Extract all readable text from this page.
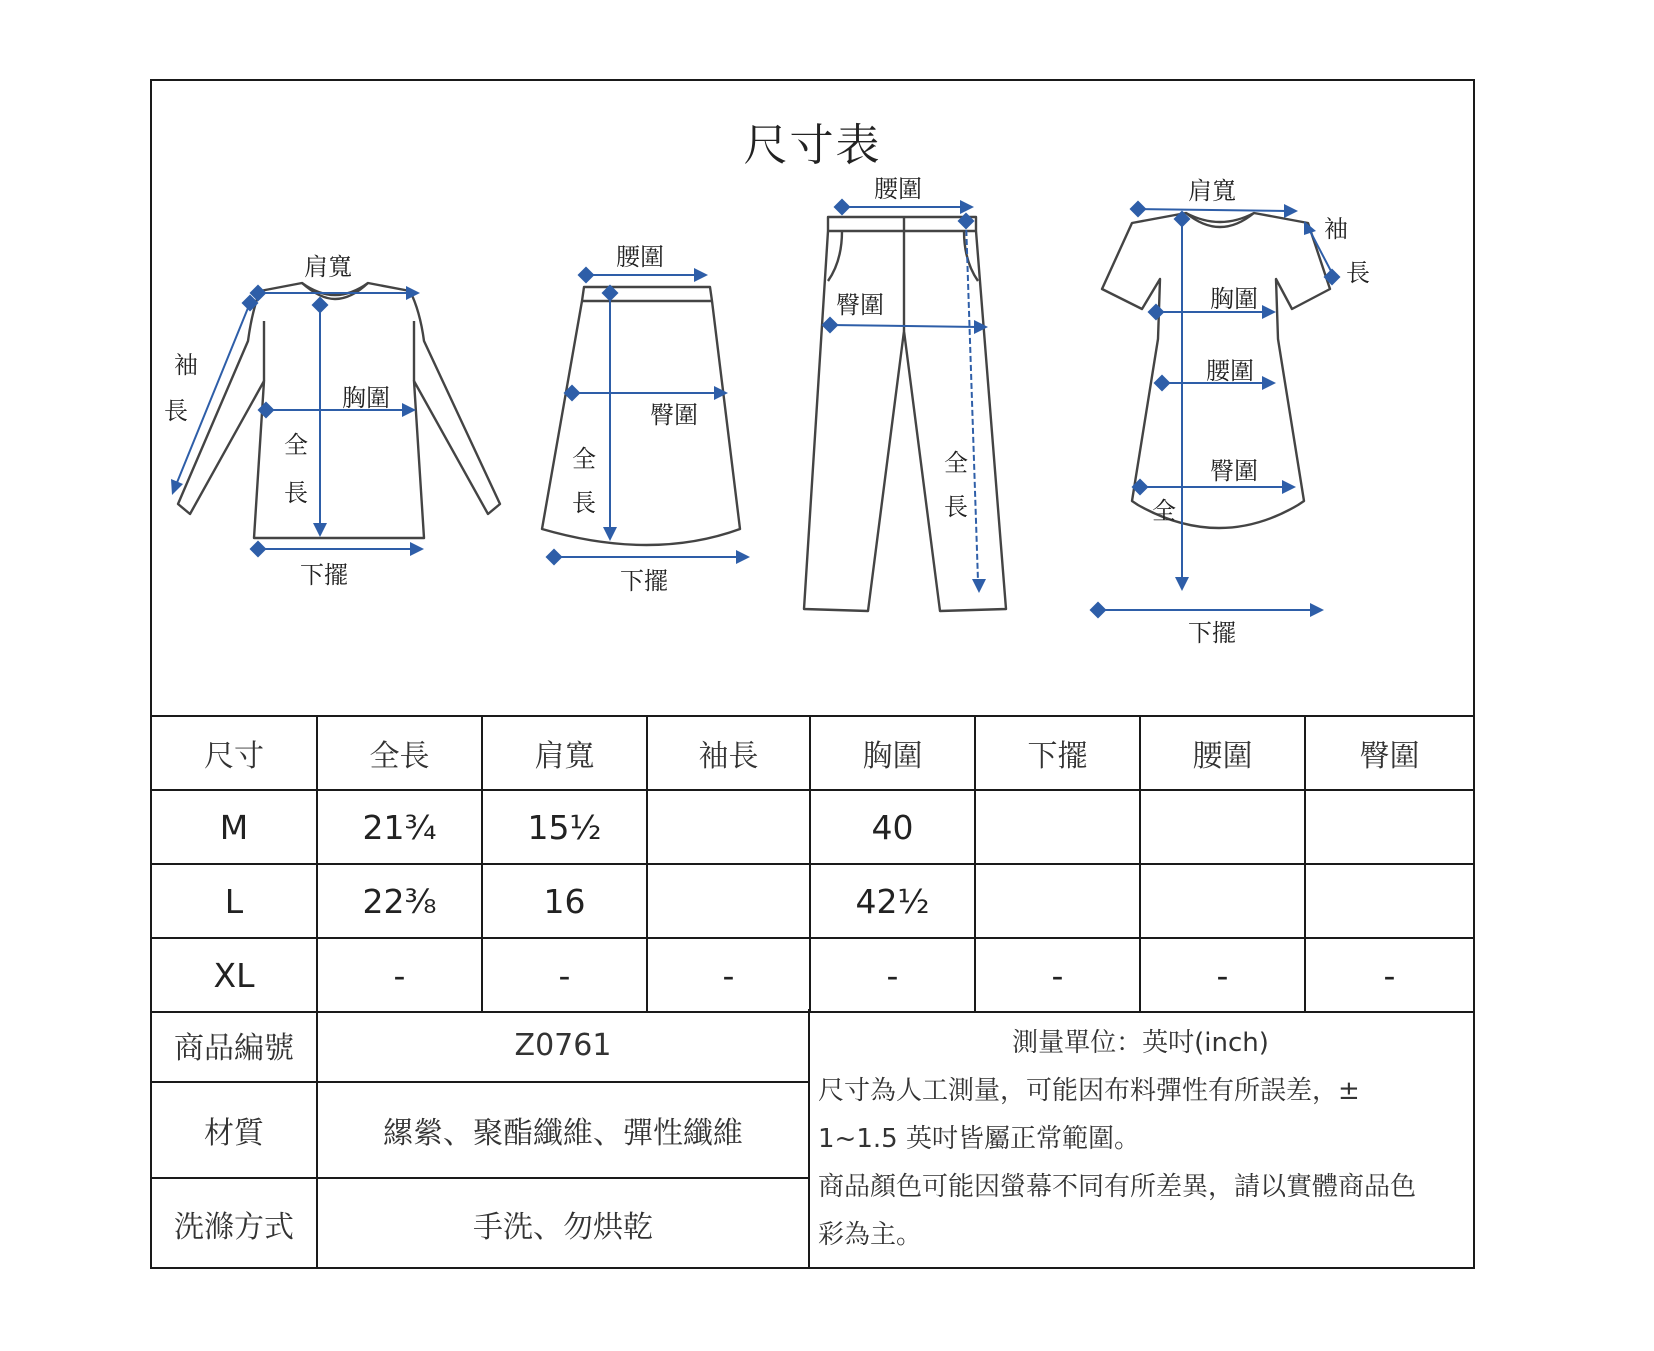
尺寸表
肩寬
袖
長	胸圍
全
長
下擺
腰圍
臀圍
全
長
下擺
腰圍
臀圍
全
長
肩寬
袖
長
胸圍
腰圍
臀圍
全
下擺
尺寸	全長	肩寬	袖長	胸圍	下擺	腰圍	臀圍
M	21¾	15½		40			
L	22⅜	16		42½			
XL	-	-	-	-	-	-	-
商品編號	Z0761
材質	縲縈、聚酯纖維、彈性纖維
洗滌方式	手洗、勿烘乾
測量單位：英吋(inch)
尺寸為人工測量，可能因布料彈性有所誤差，±
1~1.5 英吋皆屬正常範圍。
商品顏色可能因螢幕不同有所差異，請以實體商品色
彩為主。
